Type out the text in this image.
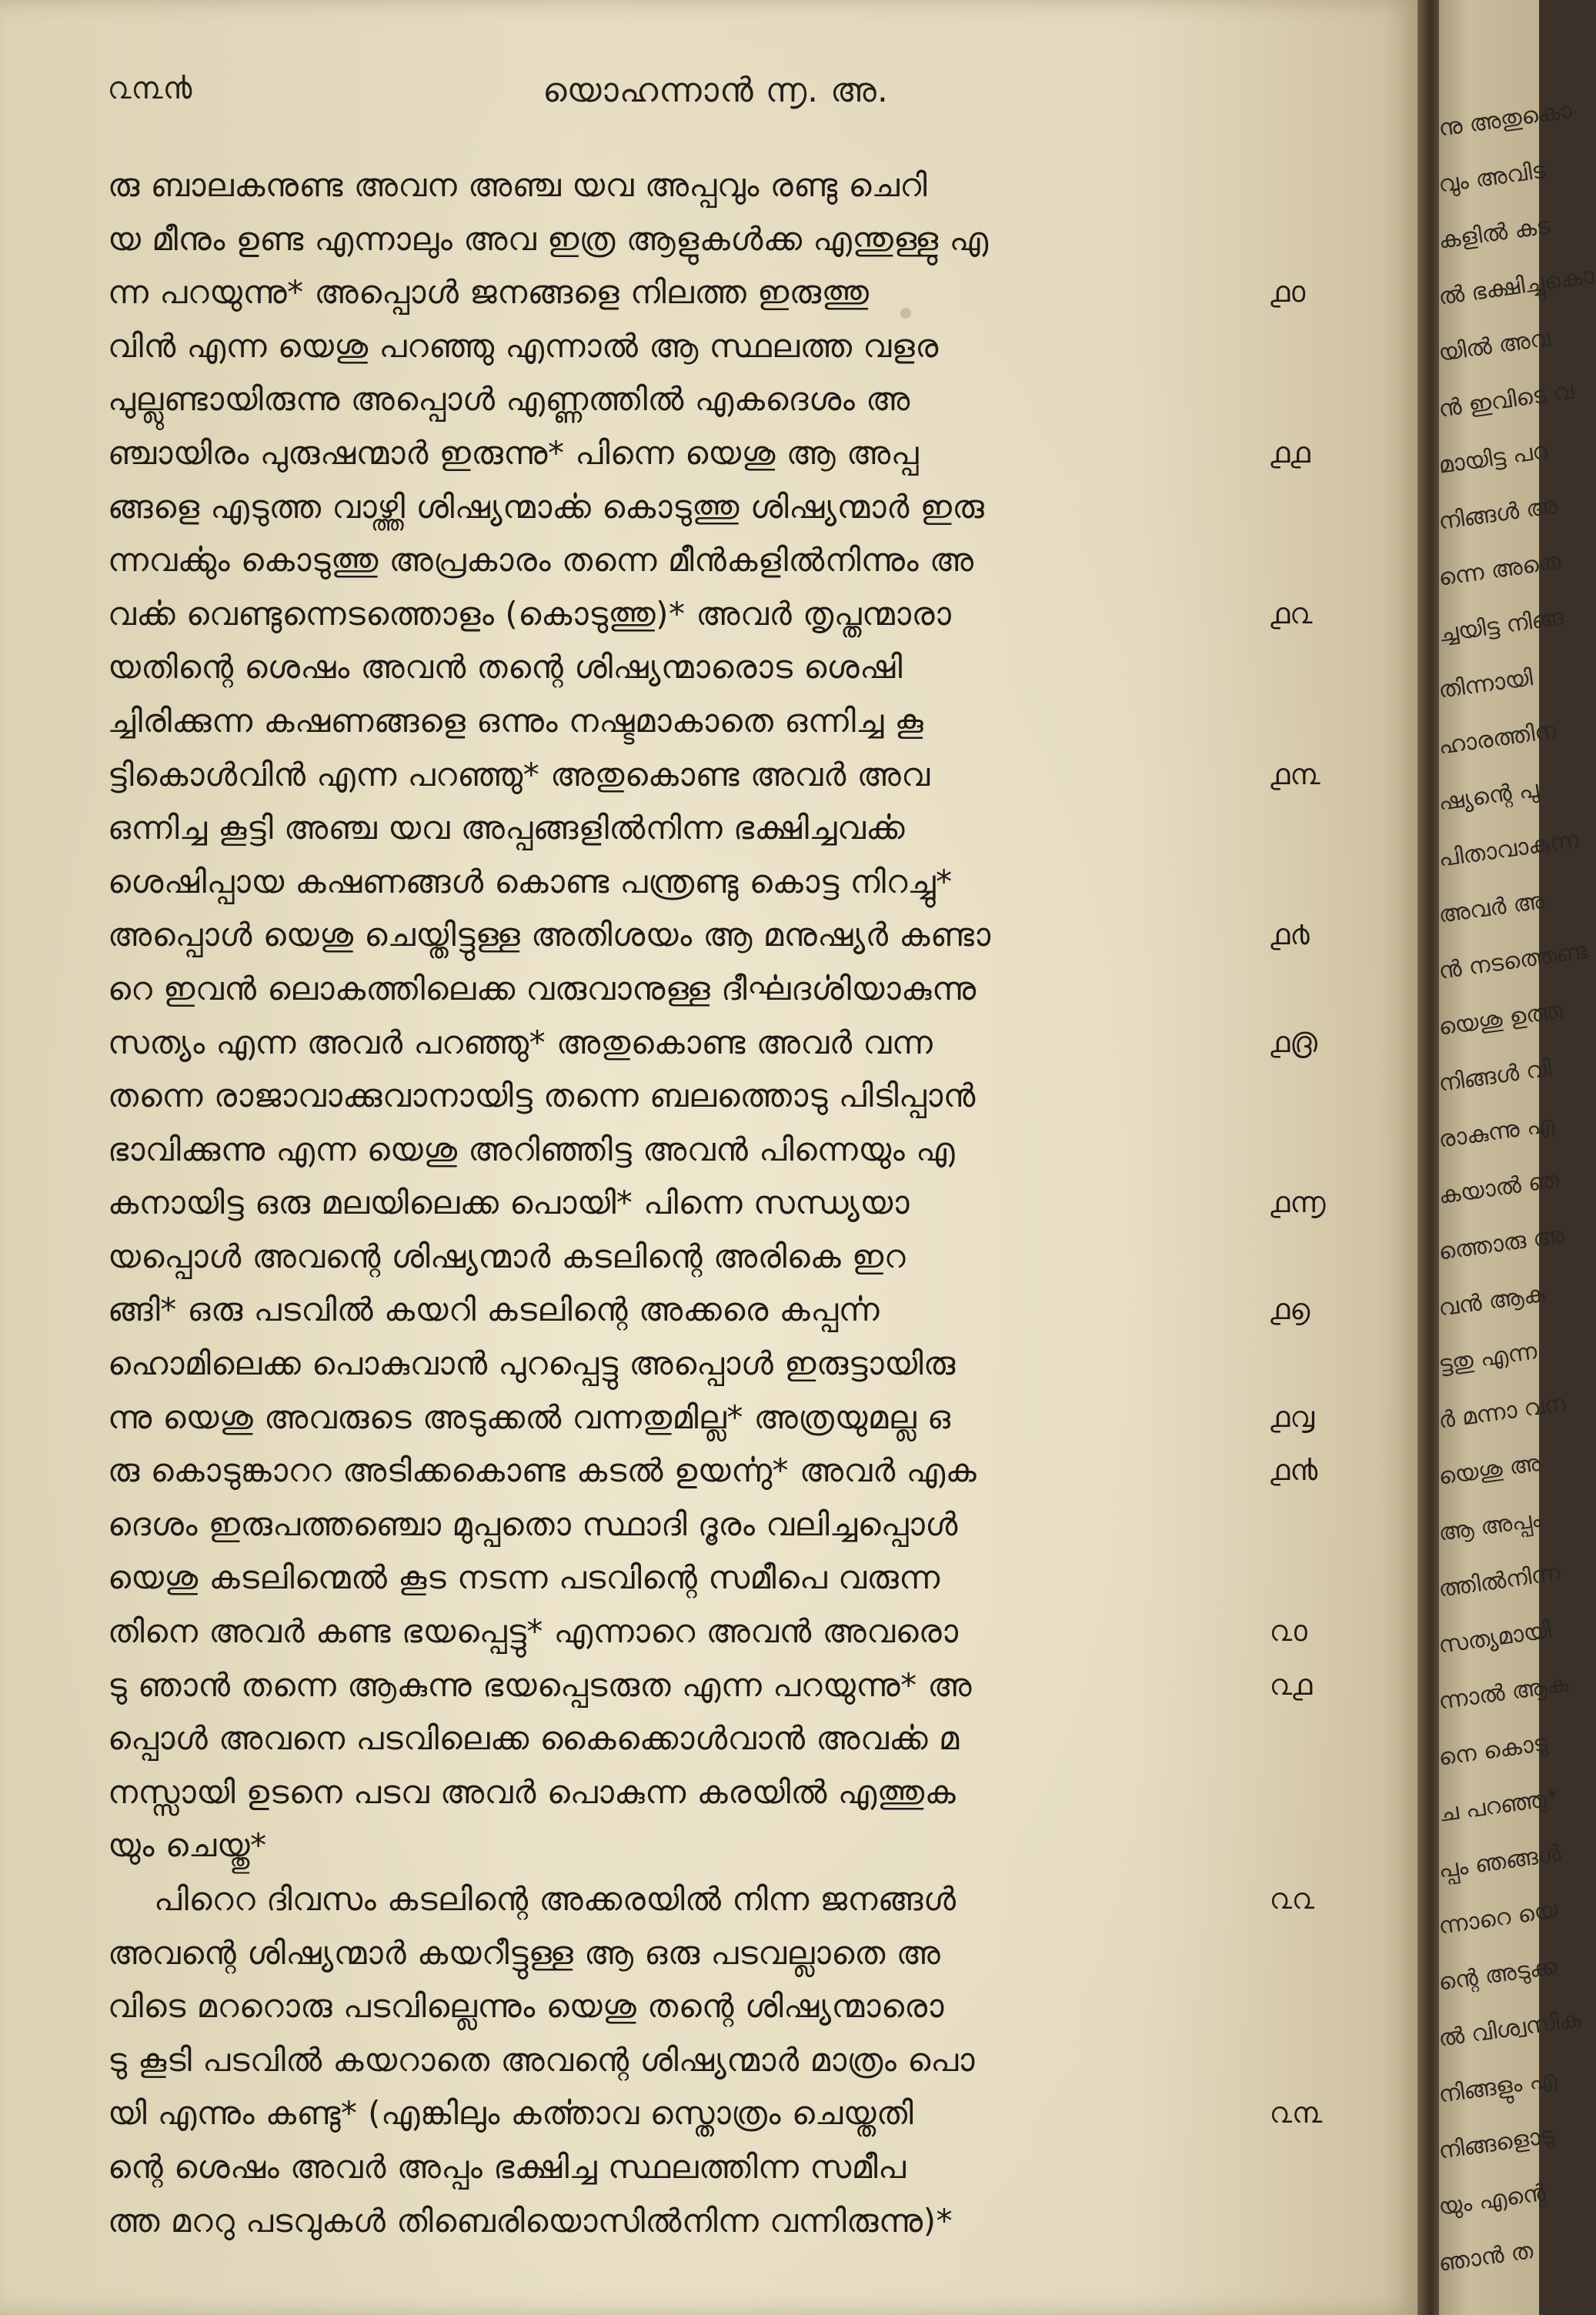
൨൩൯	യൊഹന്നാൻ ൬. അ.
രു ബാലകനുണ്ട അവന അഞ്ച യവ അപ്പവും രണ്ടു ചെറി
യ മീനും ഉണ്ട എന്നാലും അവ ഇത്ര ആളുകൾക്ക എന്തുള്ളു എ
ന്ന പറയുന്നു* അപ്പൊൾ ജനങ്ങളെ നിലത്ത ഇരുത്തു	൧൦
വിൻ എന്ന യെശു പറഞ്ഞു എന്നാൽ ആ സ്ഥലത്ത വളര
പുല്ലുണ്ടായിരുന്നു അപ്പൊൾ എണ്ണത്തിൽ എകദെശം അ
ഞ്ചായിരം പുരുഷന്മാർ ഇരുന്നു* പിന്നെ യെശു ആ അപ്പ	൧൧
ങ്ങളെ എടുത്ത വാഴ്ത്തി ശിഷ്യന്മാൎക്ക കൊടുത്തു ശിഷ്യന്മാർ ഇരു
ന്നവൎക്കും കൊടുത്തു അപ്രകാരം തന്നെ മീൻകളിൽനിന്നും അ
വൎക്ക വെണ്ടുന്നെടത്തൊളം (കൊടുത്തു)* അവർ തൃപ്തന്മാരാ	൧൨
യതിന്റെ ശെഷം അവൻ തന്റെ ശിഷ്യന്മാരൊട ശെഷി
ച്ചിരിക്കുന്ന കഷണങ്ങളെ ഒന്നും നഷ്ടമാകാതെ ഒന്നിച്ച കൂ
ട്ടികൊൾവിൻ എന്ന പറഞ്ഞു* അതുകൊണ്ട അവർ അവ	൧൩
ഒന്നിച്ച കൂട്ടി അഞ്ച യവ അപ്പങ്ങളിൽനിന്ന ഭക്ഷിച്ചവൎക്ക
ശെഷിപ്പായ കഷണങ്ങൾ കൊണ്ട പന്ത്രണ്ടു കൊട്ട നിറച്ചു*
അപ്പൊൾ യെശു ചെയ്തിട്ടുള്ള അതിശയം ആ മനുഷ്യർ കണ്ടാ	൧൪
റെ ഇവൻ ലൊകത്തിലെക്ക വരുവാനുള്ള ദീൎഘദൎശിയാകുന്നു
സത്യം എന്ന അവർ പറഞ്ഞു* അതുകൊണ്ട അവർ വന്ന	൧൫
തന്നെ രാജാവാക്കുവാനായിട്ട തന്നെ ബലത്തൊടു പിടിപ്പാൻ
ഭാവിക്കുന്നു എന്ന യെശു അറിഞ്ഞിട്ട അവൻ പിന്നെയും എ
കനായിട്ട ഒരു മലയിലെക്ക പൊയി* പിന്നെ സന്ധ്യയാ	൧൬
യപ്പൊൾ അവന്റെ ശിഷ്യന്മാർ കടലിന്റെ അരികെ ഇറ
ങ്ങി* ഒരു പടവിൽ കയറി കടലിന്റെ അക്കരെ കപ്പൎന്ന	൧൭
ഹൊമിലെക്ക പൊകുവാൻ പുറപ്പെട്ടു അപ്പൊൾ ഇരുട്ടായിരു
ന്നു യെശു അവരുടെ അടുക്കൽ വന്നതുമില്ല* അത്രയുമല്ല ഒ	൧൮
രു കൊടുങ്കാററ അടിക്കകൊണ്ട കടൽ ഉയൎന്നു* അവർ എക	൧൯
ദെശം ഇരുപത്തഞ്ചൊ മുപ്പതൊ സ്ഥാദി ദൂരം വലിച്ചപ്പൊൾ
യെശു കടലിന്മെൽ കൂട നടന്ന പടവിന്റെ സമീപെ വരുന്ന
തിനെ അവർ കണ്ട ഭയപ്പെട്ടു* എന്നാറെ അവൻ അവരൊ	൨൦
ടു ഞാൻ തന്നെ ആകുന്നു ഭയപ്പെടരുത എന്ന പറയുന്നു* അ	൨൧
പ്പൊൾ അവനെ പടവിലെക്ക കൈക്കൊൾവാൻ അവൎക്ക മ
നസ്സായി ഉടനെ പടവ അവർ പൊകുന്ന കരയിൽ എത്തുക
യും ചെയ്തു*
പിറെറ ദിവസം കടലിന്റെ അക്കരയിൽ നിന്ന ജനങ്ങൾ	൨൨
അവന്റെ ശിഷ്യന്മാർ കയറീട്ടുള്ള ആ ഒരു പടവല്ലാതെ അ
വിടെ മററൊരു പടവില്ലെന്നും യെശു തന്റെ ശിഷ്യന്മാരൊ
ടു കൂടി പടവിൽ കയറാതെ അവന്റെ ശിഷ്യന്മാർ മാത്രം പൊ
യി എന്നും കണ്ടു* (എങ്കിലും കൎത്താവ സ്തൊത്രം ചെയ്തതി	൨൩
ന്റെ ശെഷം അവർ അപ്പം ഭക്ഷിച്ച സ്ഥലത്തിന്ന സമീപ
ത്ത മററു പടവുകൾ തിബെരിയൊസിൽനിന്ന വന്നിരുന്നു)*
നു അതുകൊ
വും അവിട
കളിൽ കട
ൽ ഭക്ഷിച്ചുകൊ
യിൽ അവ
ൻ ഇവിടെ വ
മായിട്ട പറ
നിങ്ങൾ അ
ന്നെ അതെ
ച്ചയിട്ട നിങ്ങ
തിന്നായി
ഹാരത്തിന
ഷ്യന്റെ പു
പിതാവാകുന്ന
അവർ അ
ൻ നടത്തെണ്ട
യെശു ഉത്ത
നിങ്ങൾ വി
രാകുന്നു എ
കയാൽ ഞ
ത്തൊരു അ
വൻ ആകു
ട്ടതു എന്ന
ർ മന്നാ വന
യെശു അ
ആ അപ്പം
ത്തിൽനിന്ന
സത്യമായി
ന്നാൽ ആകു
നെ കൊടു
ച പറഞ്ഞു*
പ്പം ഞങ്ങൾ
ന്നാറെ യെ
ന്റെ അടുക്ക
ൽ വിശ്വസിക
നിങ്ങളും എ
നിങ്ങളൊടു
യും എന്റെ
ഞാൻ ത
